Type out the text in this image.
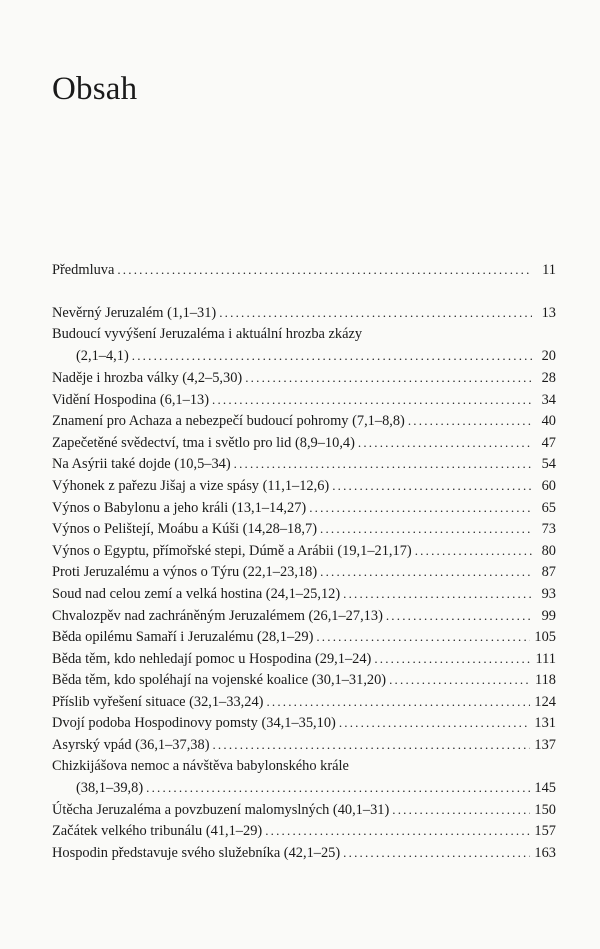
Obsah
Předmluva .....	11
Nevěrný Jeruzalém (1,1–31) .....	13
Budoucí vyvýšení Jeruzaléma i aktuální hrozba zkázy
(2,1–4,1) .....	20
Naděje i hrozba války (4,2–5,30) .....	28
Vidění Hospodina (6,1–13) .....	34
Znamení pro Achaza a nebezpečí budoucí pohromy (7,1–8,8) .....	40
Zapečetěné svědectví, tma i světlo pro lid (8,9–10,4) .....	47
Na Asýrii také dojde (10,5–34) .....	54
Výhonek z pařezu Jišaj a vize spásy (11,1–12,6) .....	60
Výnos o Babylonu a jeho králi (13,1–14,27) .....	65
Výnos o Pelištejí, Moábu a Kúši (14,28–18,7) .....	73
Výnos o Egyptu, přímořské stepi, Dúmě a Arábii (19,1–21,17) .....	80
Proti Jeruzalému a výnos o Týru (22,1–23,18) .....	87
Soud nad celou zemí a velká hostina (24,1–25,12) .....	93
Chvalozpěv nad zachráněným Jeruzalémem (26,1–27,13) .....	99
Běda opilému Samaří i Jeruzalému (28,1–29) .....	105
Běda těm, kdo nehledají pomoc u Hospodina (29,1–24) .....	111
Běda těm, kdo spoléhají na vojenské koalice (30,1–31,20) .....	118
Příslib vyřešení situace (32,1–33,24) .....	124
Dvojí podoba Hospodinovy pomsty (34,1–35,10) .....	131
Asyrský vpád (36,1–37,38) .....	137
Chizkijášova nemoc a návštěva babylonského krále
(38,1–39,8) .....	145
Útěcha Jeruzaléma a povzbuzení malomyslných (40,1–31) .....	150
Začátek velkého tribunálu (41,1–29) .....	157
Hospodin představuje svého služebníka (42,1–25) .....	163
